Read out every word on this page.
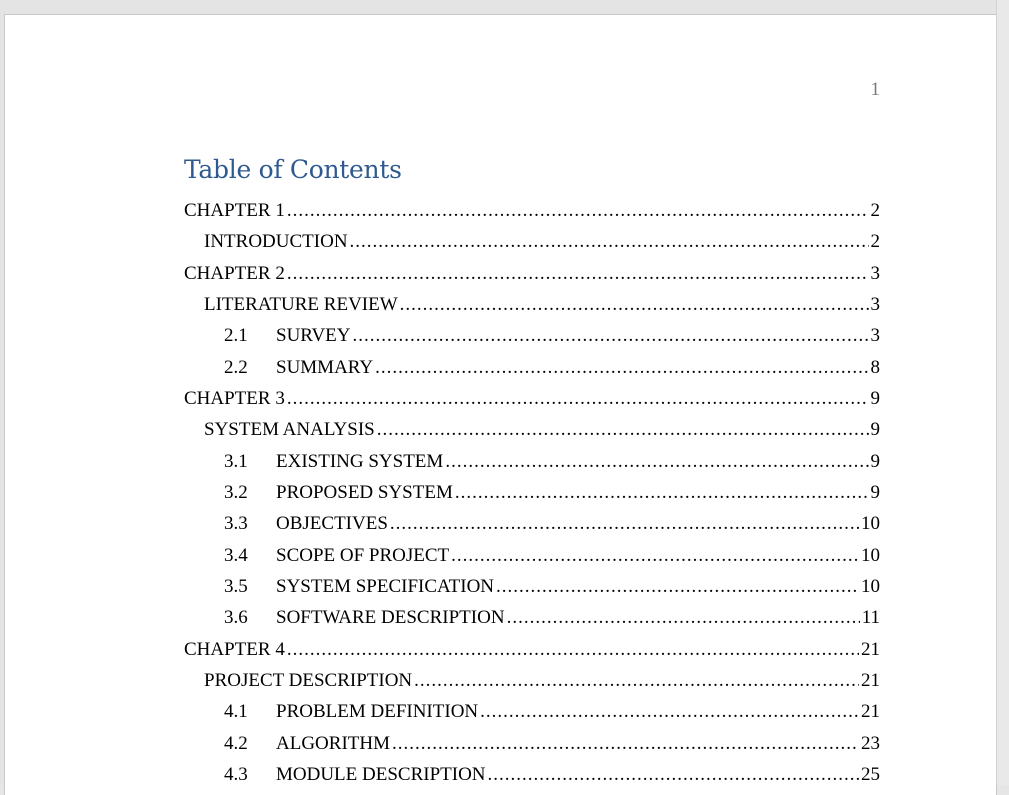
1
Table of Contents
CHAPTER 1 .....	2
INTRODUCTION .....	2
CHAPTER 2 .....	3
LITERATURE REVIEW .....	3
2.1	SURVEY .....	3
2.2	SUMMARY .....	8
CHAPTER 3 .....	9
SYSTEM ANALYSIS .....	9
3.1	EXISTING SYSTEM .....	9
3.2	PROPOSED SYSTEM .....	9
3.3	OBJECTIVES .....	10
3.4	SCOPE OF PROJECT .....	10
3.5	SYSTEM SPECIFICATION .....	10
3.6	SOFTWARE DESCRIPTION .....	11
CHAPTER 4 .....	21
PROJECT DESCRIPTION .....	21
4.1	PROBLEM DEFINITION .....	21
4.2	ALGORITHM .....	23
4.3	MODULE DESCRIPTION .....	25
